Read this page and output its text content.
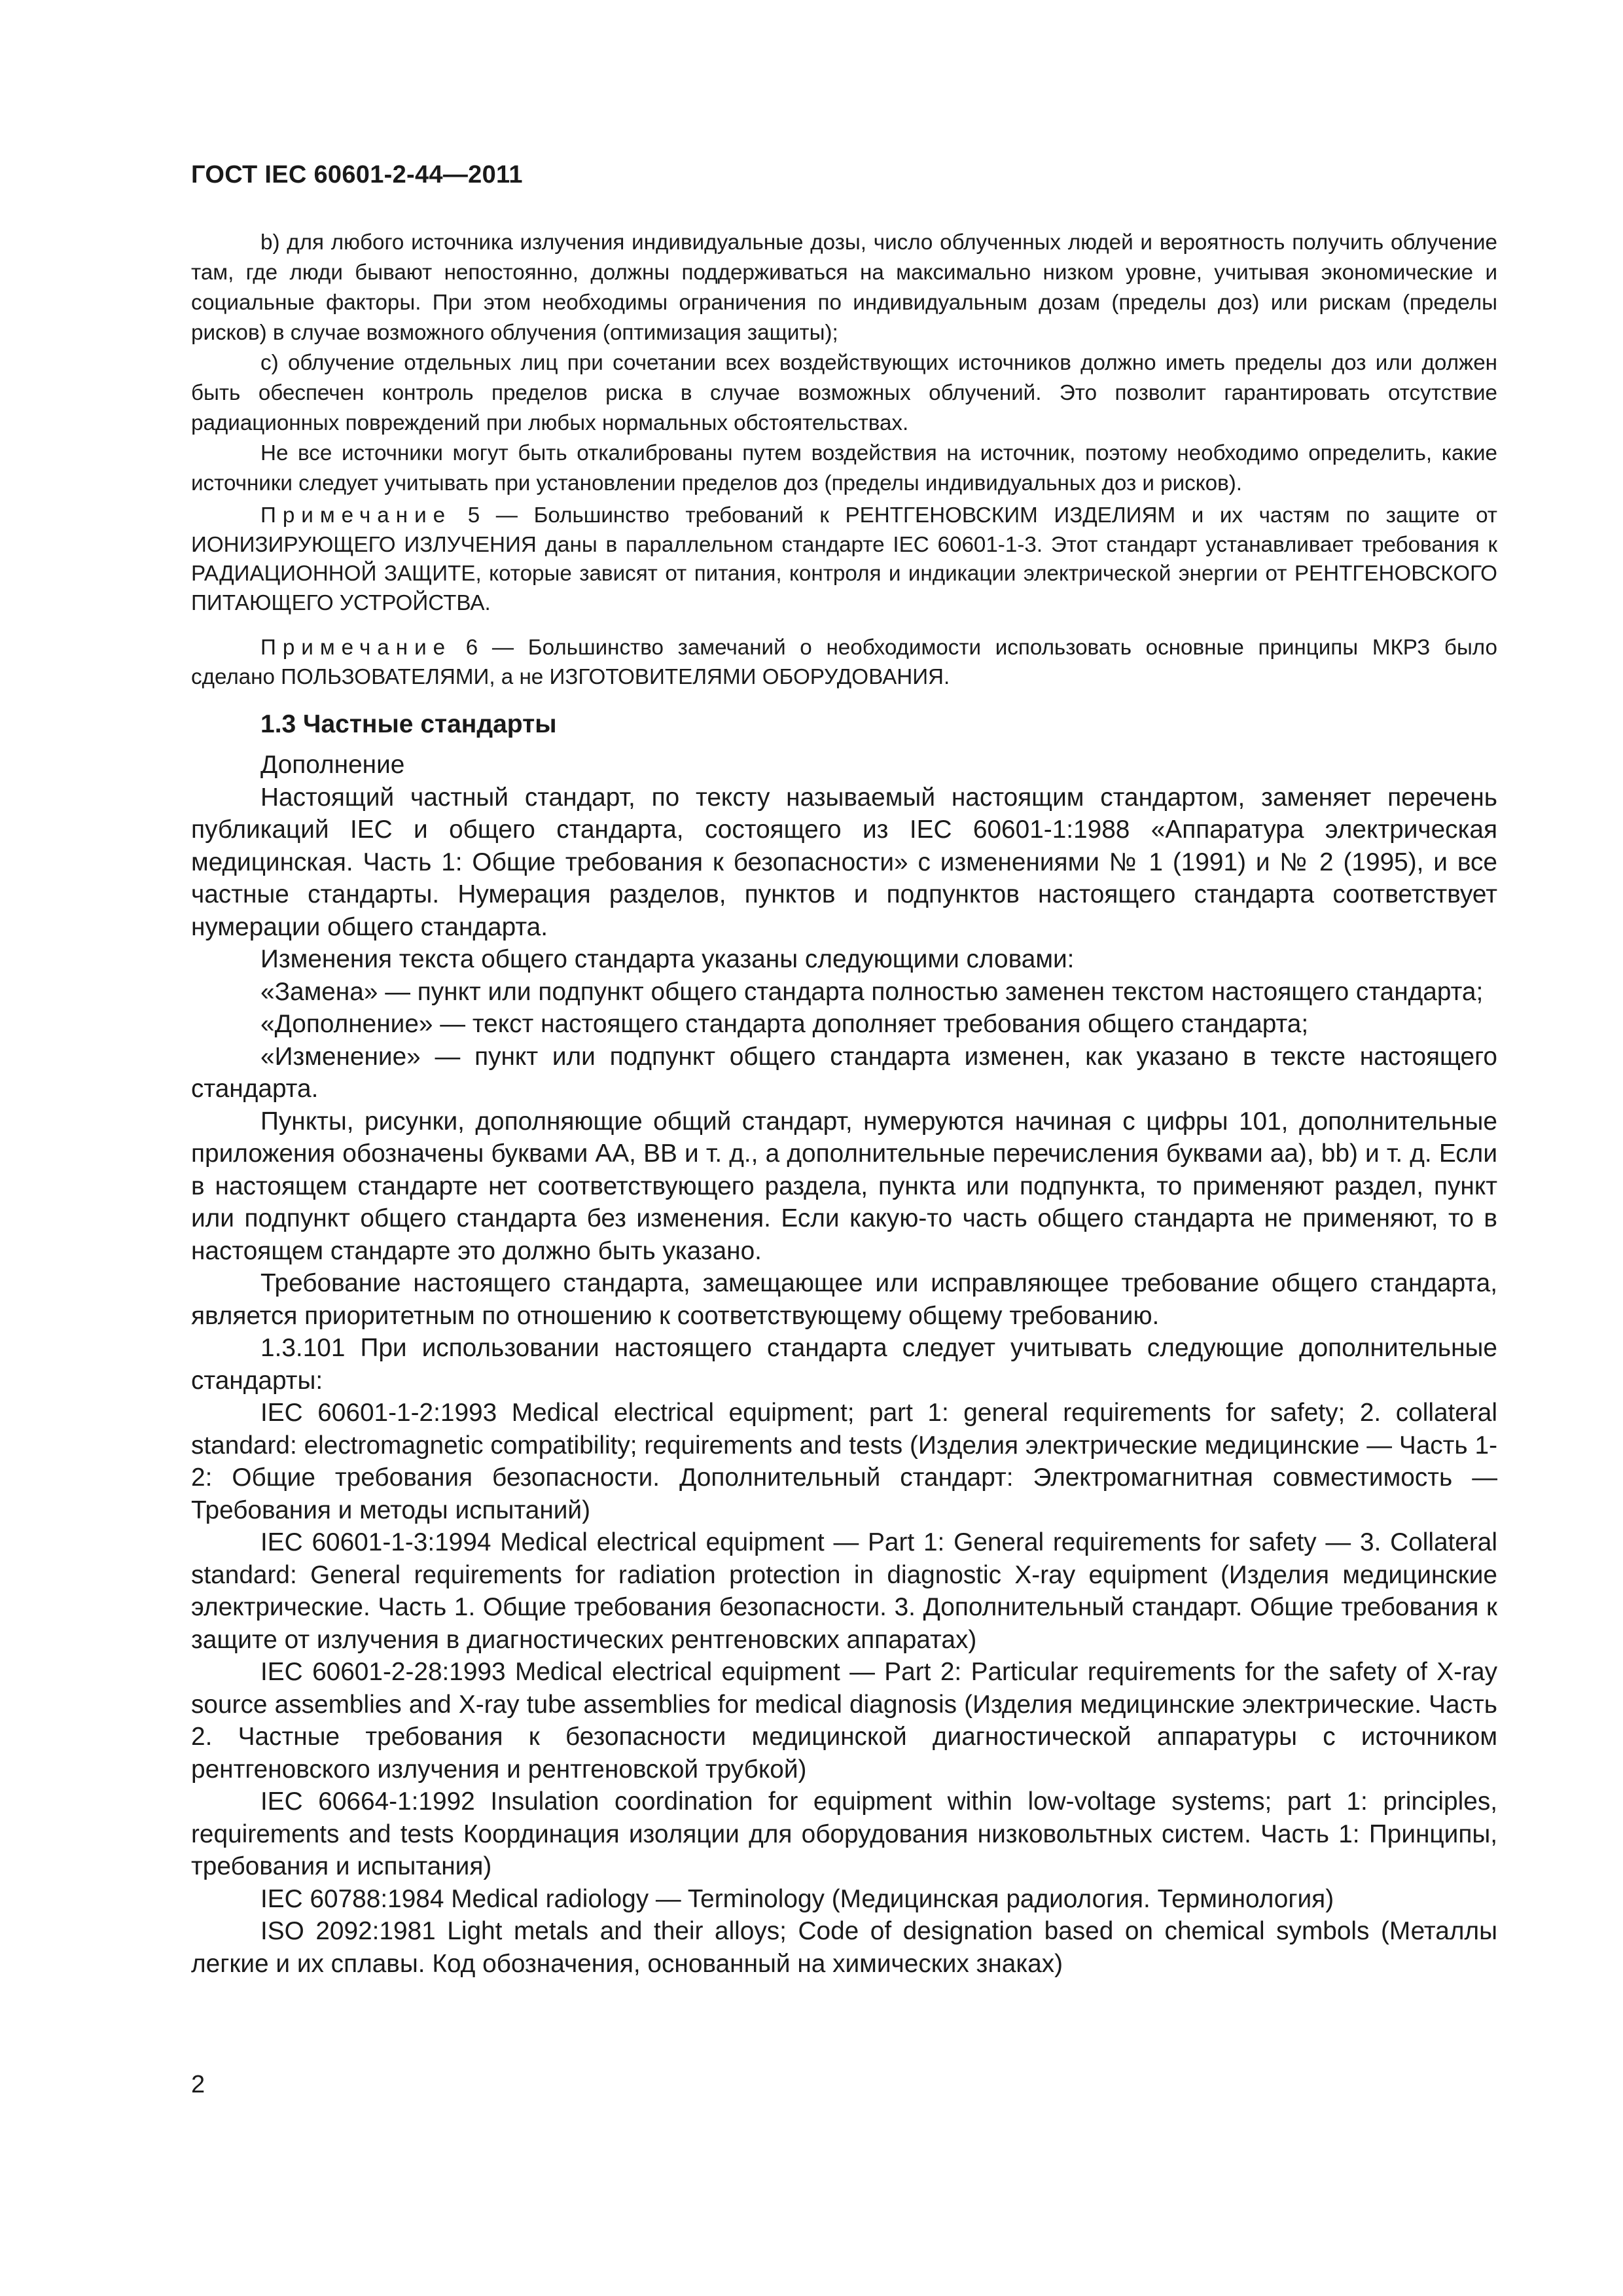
ГОСТ IEC 60601-2-44—2011

b) для любого источника излучения индивидуальные дозы, число облученных людей и вероятность получить облучение там, где люди бывают непостоянно, должны поддерживаться на максимально низком уровне, учитывая экономические и социальные факторы. При этом необходимы ограничения по индивидуальным дозам (пределы доз) или рискам (пределы рисков) в случае возможного облучения (оптимизация защиты);

c) облучение отдельных лиц при сочетании всех воздействующих источников должно иметь пределы доз или должен быть обеспечен контроль пределов риска в случае возможных облучений. Это позволит гарантировать отсутствие радиационных повреждений при любых нормальных обстоятельствах.

Не все источники могут быть откалиброваны путем воздействия на источник, поэтому необходимо определить, какие источники следует учитывать при установлении пределов доз (пределы индивидуальных доз и рисков).

Примечание 5 — Большинство требований к РЕНТГЕНОВСКИМ ИЗДЕЛИЯМ и их частям по защите от ИОНИЗИРУЮЩЕГО ИЗЛУЧЕНИЯ даны в параллельном стандарте IEC 60601-1-3. Этот стандарт устанавливает требования к РАДИАЦИОННОЙ ЗАЩИТЕ, которые зависят от питания, контроля и индикации электрической энергии от РЕНТГЕНОВСКОГО ПИТАЮЩЕГО УСТРОЙСТВА.

Примечание 6 — Большинство замечаний о необходимости использовать основные принципы МКРЗ было сделано ПОЛЬЗОВАТЕЛЯМИ, а не ИЗГОТОВИТЕЛЯМИ ОБОРУДОВАНИЯ.

1.3 Частные стандарты

Дополнение

Настоящий частный стандарт, по тексту называемый настоящим стандартом, заменяет перечень публикаций IEC и общего стандарта, состоящего из IEC 60601-1:1988 «Аппаратура электрическая медицинская. Часть 1: Общие требования к безопасности» с изменениями № 1 (1991) и № 2 (1995), и все частные стандарты. Нумерация разделов, пунктов и подпунктов настоящего стандарта соответствует нумерации общего стандарта.

Изменения текста общего стандарта указаны следующими словами:

«Замена» — пункт или подпункт общего стандарта полностью заменен текстом настоящего стандарта;

«Дополнение» — текст настоящего стандарта дополняет требования общего стандарта;

«Изменение» — пункт или подпункт общего стандарта изменен, как указано в тексте настоящего стандарта.

Пункты, рисунки, дополняющие общий стандарт, нумеруются начиная с цифры 101, дополнительные приложения обозначены буквами AA, BB и т. д., а дополнительные перечисления буквами аа), bb) и т. д. Если в настоящем стандарте нет соответствующего раздела, пункта или подпункта, то применяют раздел, пункт или подпункт общего стандарта без изменения. Если какую-то часть общего стандарта не применяют, то в настоящем стандарте это должно быть указано.

Требование настоящего стандарта, замещающее или исправляющее требование общего стандарта, является приоритетным по отношению к соответствующему общему требованию.

1.3.101 При использовании настоящего стандарта следует учитывать следующие дополнительные стандарты:

IEC 60601-1-2:1993 Medical electrical equipment; part 1: general requirements for safety; 2. collateral standard: electromagnetic compatibility; requirements and tests (Изделия электрические медицинские — Часть 1-2: Общие требования безопасности. Дополнительный стандарт: Электромагнитная совместимость — Требования и методы испытаний)

IEC 60601-1-3:1994 Medical electrical equipment — Part 1: General requirements for safety — 3. Collateral standard: General requirements for radiation protection in diagnostic X-ray equipment (Изделия медицинские электрические. Часть 1. Общие требования безопасности. 3. Дополнительный стандарт. Общие требования к защите от излучения в диагностических рентгеновских аппаратах)

IEC 60601-2-28:1993 Medical electrical equipment — Part 2: Particular requirements for the safety of X-ray source assemblies and X-ray tube assemblies for medical diagnosis (Изделия медицинские электрические. Часть 2. Частные требования к безопасности медицинской диагностической аппаратуры с источником рентгеновского излучения и рентгеновской трубкой)

IEC 60664-1:1992 Insulation coordination for equipment within low-voltage systems; part 1: principles, requirements and tests Координация изоляции для оборудования низковольтных систем. Часть 1: Принципы, требования и испытания)

IEC 60788:1984 Medical radiology — Terminology (Медицинская радиология. Терминология)

ISO 2092:1981 Light metals and their alloys; Code of designation based on chemical symbols (Металлы легкие и их сплавы. Код обозначения, основанный на химических знаках)

2
